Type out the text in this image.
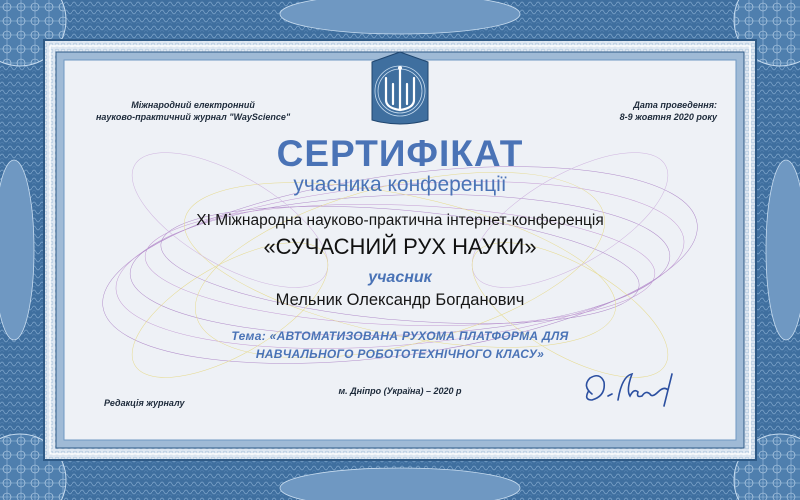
Міжнародний електронний
науково-практичний журнал "WayScience"
Дата проведення:
8-9 жовтня 2020 року
СЕРТИФІКАТ
учасника конференції
XI Міжнародна науково-практична інтернет-конференція
«СУЧАСНИЙ РУХ НАУКИ»
учасник
Мельник Олександр Богданович
Тема: «АВТОМАТИЗОВАНА РУХОМА ПЛАТФОРМА ДЛЯ
НАВЧАЛЬНОГО РОБОТОТЕХНІЧНОГО КЛАСУ»
Редакція журналу
м. Дніпро (Україна) – 2020 р
